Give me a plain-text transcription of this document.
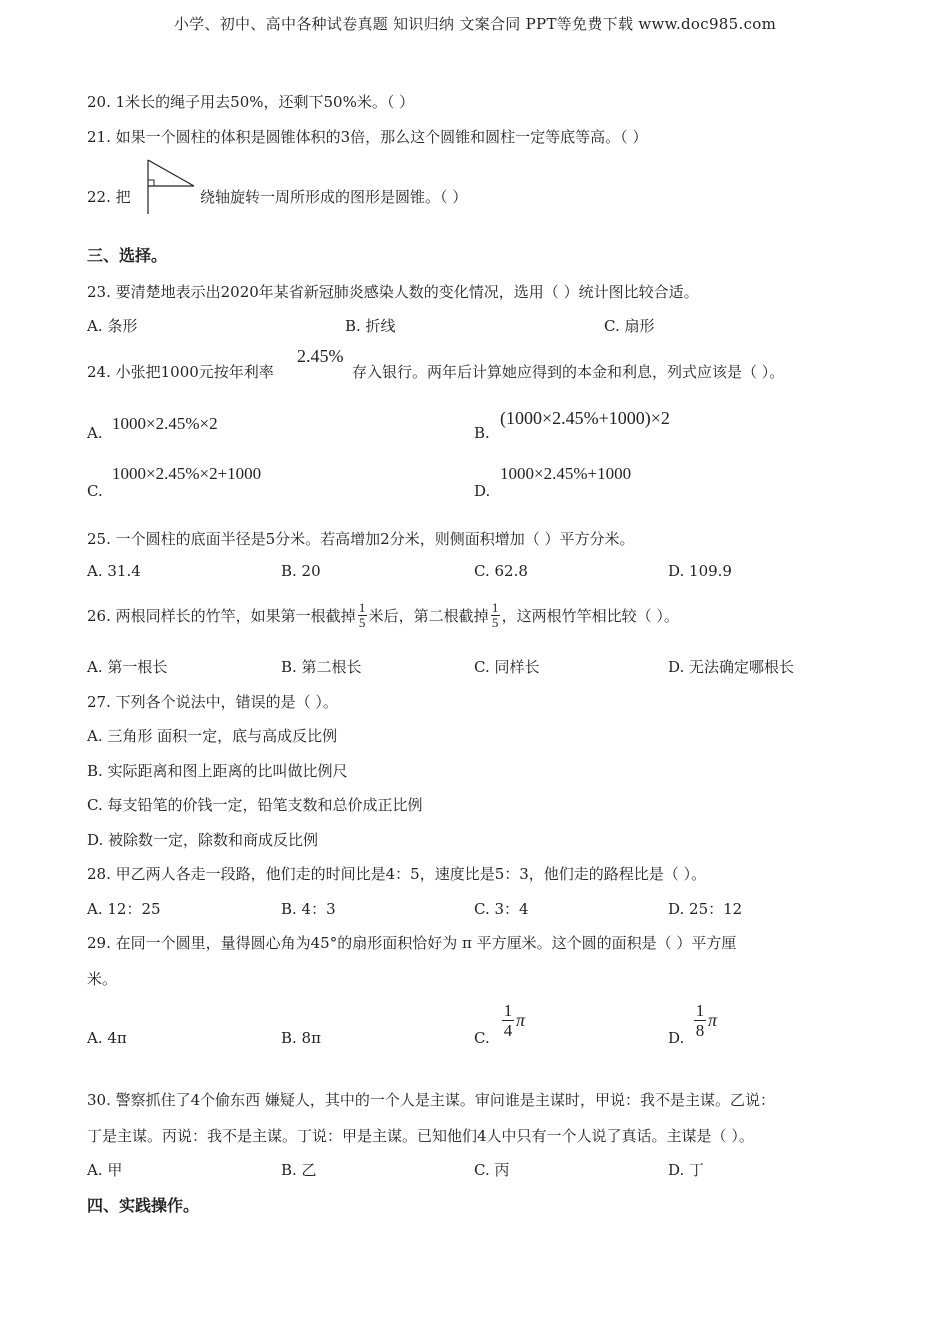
小学、初中、高中各种试卷真题 知识归纳 文案合同 PPT等免费下载 www.doc985.com
20. 1米长的绳子用去50%，还剩下50%米。（ ）
21. 如果一个圆柱的体积是圆锥体积的3倍，那么这个圆锥和圆柱一定等底等高。（ ）
22. 把	绕轴旋转一周所形成的图形是圆锥。（ ）
三、选择。
23. 要清楚地表示出2020年某省新冠肺炎感染人数的变化情况，选用（ ）统计图比较合适。
A. 条形	B. 折线	C. 扇形
24. 小张把1000元按年利率
2.45%
存入银行。两年后计算她应得到的本金和利息，列式应该是（ ）。
A. 1000×2.45%×2	B.
(1000×2.45%+1000)×2
C.
1000×2.45%×2+1000
D.
1000×2.45%+1000
25. 一个圆柱的底面半径是5分米。若高增加2分米，则侧面积增加（ ）平方分米。
A. 31.4	B. 20	C. 62.8	D. 109.9
26. 两根同样长的竹竿，如果第一根截掉 $\frac{1}{5}$ 米后，第二根截掉 $\frac{1}{5}$ ，这两根竹竿相比较（ ）。
A. 第一根长	B. 第二根长	C. 同样长	D. 无法确定哪根长
27. 下列各个说法中，错误的是（ ）。
A. 三角形 面积一定，底与高成反比例
B. 实际距离和图上距离的比叫做比例尺
C. 每支铅笔的价钱一定，铅笔支数和总价成正比例
D. 被除数一定，除数和商成反比例
28. 甲乙两人各走一段路，他们走的时间比是4：5，速度比是5：3，他们走的路程比是（ ）。
A. 12：25	B. 4：3	C. 3：4	D. 25：12
29. 在同一个圆里，量得圆心角为45°的扇形面积恰好为 π 平方厘米。这个圆的面积是（ ）平方厘
米。
A. 4π	B. 8π	C.
1
4
π
D.
1
8
π
30. 警察抓住了4个偷东西 嫌疑人，其中的一个人是主谋。审问谁是主谋时，甲说：我不是主谋。乙说：
丁是主谋。丙说：我不是主谋。丁说：甲是主谋。已知他们4人中只有一个人说了真话。主谋是（ ）。
A. 甲	B. 乙	C. 丙	D. 丁
四、实践操作。
